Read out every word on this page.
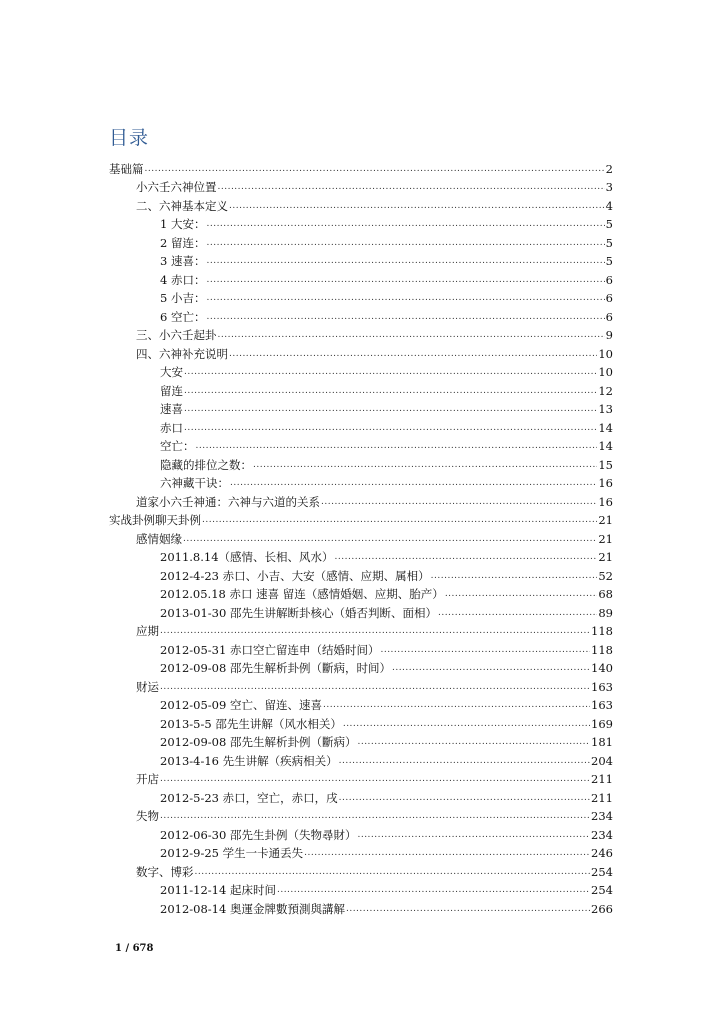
目录
基础篇 .....	2
小六壬六神位置 .....	3
二、六神基本定义 .....	4
1 大安： .....	5
2 留连： .....	5
3 速喜： .....	5
4 赤口： .....	6
5 小吉： .....	6
6 空亡： .....	6
三、小六壬起卦 .....	9
四、六神补充说明 .....	10
大安 .....	10
留连 .....	12
速喜 .....	13
赤口 .....	14
空亡： .....	14
隐藏的排位之数： .....	15
六神藏干诀： .....	16
道家小六壬神通：六神与六道的关系 .....	16
实战卦例聊天卦例 .....	21
感情姻缘 .....	21
2011.8.14（感情、长相、风水） .....	21
2012-4-23 赤口、小吉、大安（感情、应期、属相） .....	52
2012.05.18 赤口 速喜 留连（感情婚姻、应期、胎产） .....	68
2013-01-30 邵先生讲解断卦核心（婚否判断、面相） .....	89
应期 .....	118
2012-05-31 赤口空亡留连申（结婚时间） .....	118
2012-09-08 邵先生解析卦例（斷病，时间） .....	140
财运 .....	163
2012-05-09 空亡、留连、速喜 .....	163
2013-5-5 邵先生讲解（风水相关） .....	169
2012-09-08 邵先生解析卦例（斷病） .....	181
2013-4-16 先生讲解（疾病相关） .....	204
开店 .....	211
2012-5-23 赤口，空亡，赤口，戌 .....	211
失物 .....	234
2012-06-30 邵先生卦例（失物尋財） .....	234
2012-9-25 学生一卡通丢失 .....	246
数字、博彩 .....	254
2011-12-14 起床时间 .....	254
2012-08-14 奥運金牌數預測與講解 .....	266
1 / 678
